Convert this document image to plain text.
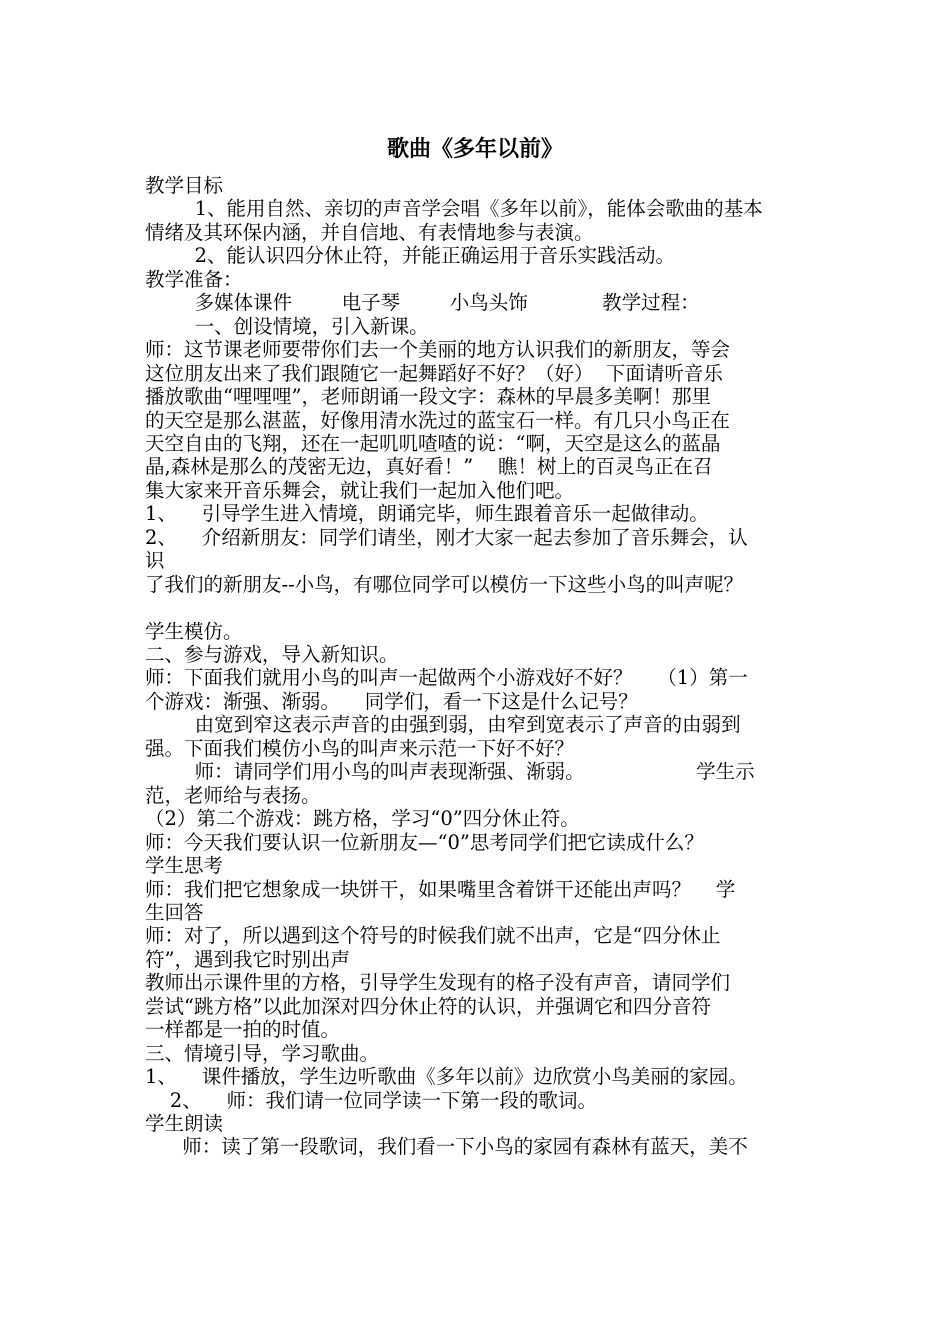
歌曲《多年以前》
教学目标
1、能用自然、亲切的声音学会唱《多年以前》，能体会歌曲的基本
情绪及其环保内涵，并自信地、有表情地参与表演。
2、能认识四分休止符，并能正确运用于音乐实践活动。
教学准备：
多媒体课件        电子琴        小鸟头饰            教学过程：
一、创设情境，引入新课。
师：这节课老师要带你们去一个美丽的地方认识我们的新朋友，等会
这位朋友出来了我们跟随它一起舞蹈好不好？（好）  下面请听音乐
播放歌曲“哩哩哩”，老师朗诵一段文字：森林的早晨多美啊！那里
的天空是那么湛蓝，好像用清水洗过的蓝宝石一样。有几只小鸟正在
天空自由的飞翔，还在一起叽叽喳喳的说：“啊，天空是这么的蓝晶
晶,森林是那么的茂密无边，真好看！”    瞧！树上的百灵鸟正在召
集大家来开音乐舞会，就让我们一起加入他们吧。
1、    引导学生进入情境，朗诵完毕，师生跟着音乐一起做律动。
2、    介绍新朋友：同学们请坐，刚才大家一起去参加了音乐舞会，认
识
了我们的新朋友--小鸟，有哪位同学可以模仿一下这些小鸟的叫声呢？
学生模仿。
二、参与游戏，导入新知识。
师：下面我们就用小鸟的叫声一起做两个小游戏好不好？    （1）第一
个游戏：渐强、渐弱。    同学们，看一下这是什么记号？
由宽到窄这表示声音的由强到弱，由窄到宽表示了声音的由弱到
强。下面我们模仿小鸟的叫声来示范一下好不好？
师：请同学们用小鸟的叫声表现渐强、渐弱。                  学生示
范，老师给与表扬。
（2）第二个游戏：跳方格，学习“0”四分休止符。
师：今天我们要认识一位新朋友—“0”思考同学们把它读成什么？
学生思考
师：我们把它想象成一块饼干，如果嘴里含着饼干还能出声吗？    学
生回答
师：对了，所以遇到这个符号的时候我们就不出声，它是“四分休止
符”，遇到我它时别出声
教师出示课件里的方格，引导学生发现有的格子没有声音，请同学们
尝试“跳方格”以此加深对四分休止符的认识，并强调它和四分音符
一样都是一拍的时值。
三、情境引导，学习歌曲。
1、    课件播放，学生边听歌曲《多年以前》边欣赏小鸟美丽的家园。
2、    师：我们请一位同学读一下第一段的歌词。
学生朗读
师：读了第一段歌词，我们看一下小鸟的家园有森林有蓝天，美不
